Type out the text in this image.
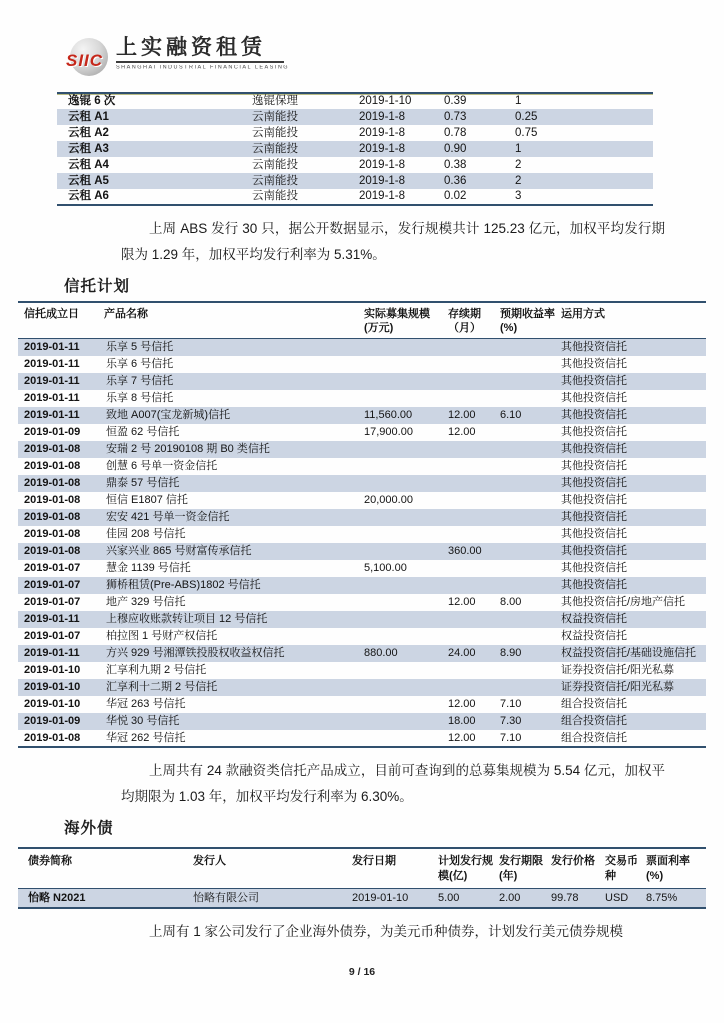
SIIC
上实融资租赁
SHANGHAI INDUSTRIAL FINANCIAL LEASING
逸锟 6 次	逸锟保理	2019-1-10	0.39	1
云租 A1	云南能投	2019-1-8	0.73	0.25
云租 A2	云南能投	2019-1-8	0.78	0.75
云租 A3	云南能投	2019-1-8	0.90	1
云租 A4	云南能投	2019-1-8	0.38	2
云租 A5	云南能投	2019-1-8	0.36	2
云租 A6	云南能投	2019-1-8	0.02	3

上周 ABS 发行 30 只，据公开数据显示，发行规模共计 125.23 亿元，加权平均发行期限为 1.29 年，加权平均发行利率为 5.31%。

信托计划
信托成立日	产品名称	实际募集规模(万元)	存续期（月）	预期收益率(%)	运用方式
2019-01-11	乐享 5 号信托				其他投资信托
2019-01-11	乐享 6 号信托				其他投资信托
2019-01-11	乐享 7 号信托				其他投资信托
2019-01-11	乐享 8 号信托				其他投资信托
2019-01-11	致地 A007(宝龙新城)信托	11,560.00	12.00	6.10	其他投资信托
2019-01-09	恒盈 62 号信托	17,900.00	12.00		其他投资信托
2019-01-08	安瑞 2 号 20190108 期 B0 类信托				其他投资信托
2019-01-08	创慧 6 号单一资金信托				其他投资信托
2019-01-08	鼎泰 57 号信托				其他投资信托
2019-01-08	恒信 E1807 信托	20,000.00			其他投资信托
2019-01-08	宏安 421 号单一资金信托				其他投资信托
2019-01-08	佳园 208 号信托				其他投资信托
2019-01-08	兴家兴业 865 号财富传承信托		360.00		其他投资信托
2019-01-07	慧金 1139 号信托	5,100.00			其他投资信托
2019-01-07	狮桥租赁(Pre-ABS)1802 号信托				其他投资信托
2019-01-07	地产 329 号信托		12.00	8.00	其他投资信托/房地产信托
2019-01-11	上穆应收账款转让项目 12 号信托				权益投资信托
2019-01-07	柏拉图 1 号财产权信托				权益投资信托
2019-01-11	方兴 929 号湘潭铁投股权收益权信托	880.00	24.00	8.90	权益投资信托/基础设施信托
2019-01-10	汇享利九期 2 号信托				证券投资信托/阳光私募
2019-01-10	汇享利十二期 2 号信托				证券投资信托/阳光私募
2019-01-10	华冠 263 号信托		12.00	7.10	组合投资信托
2019-01-09	华悦 30 号信托		18.00	7.30	组合投资信托
2019-01-08	华冠 262 号信托		12.00	7.10	组合投资信托

上周共有 24 款融资类信托产品成立，目前可查询到的总募集规模为 5.54 亿元，加权平均期限为 1.03 年，加权平均发行利率为 6.30%。

海外债
债券简称	发行人	发行日期	计划发行规模(亿)	发行期限(年)	发行价格	交易币种	票面利率(%)
怡略 N2021	怡略有限公司	2019-01-10	5.00	2.00	99.78	USD	8.75%

上周有 1 家公司发行了企业海外债券，为美元币种债券，计划发行美元债券规模

9 / 16
